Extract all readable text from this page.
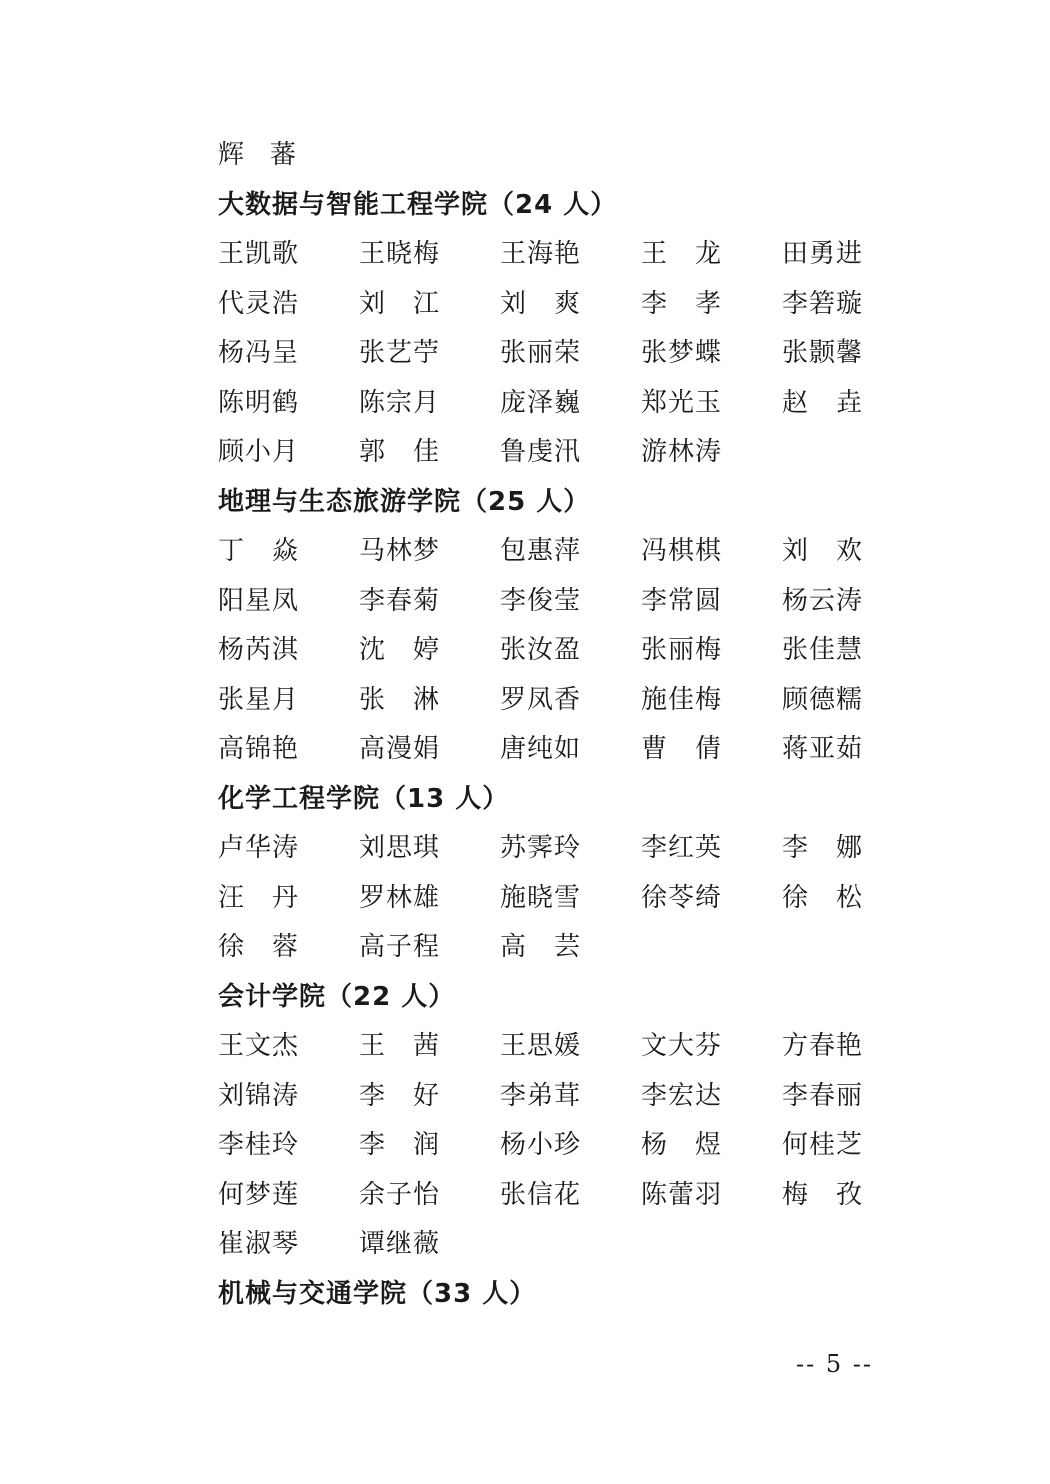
辉　蕃
大数据与智能工程学院（24 人）
王凯歌	王晓梅	王海艳	王　龙	田勇进
代灵浩	刘　江	刘　爽	李　孝	李箬璇
杨冯呈	张艺苧	张丽荣	张梦蝶	张颢馨
陈明鹤	陈宗月	庞泽巍	郑光玉	赵　垚
顾小月	郭　佳	鲁虔汛	游林涛
地理与生态旅游学院（25 人）
丁　焱	马林梦	包惠萍	冯棋棋	刘　欢
阳星凤	李春菊	李俊莹	李常圆	杨云涛
杨芮淇	沈　婷	张汝盈	张丽梅	张佳慧
张星月	张　淋	罗凤香	施佳梅	顾德糯
高锦艳	高漫娟	唐纯如	曹　倩	蒋亚茹
化学工程学院（13 人）
卢华涛	刘思琪	苏霁玲	李红英	李　娜
汪　丹	罗林雄	施晓雪	徐苓绮	徐　松
徐　蓉	高子程	高　芸
会计学院（22 人）
王文杰	王　茜	王思媛	文大芬	方春艳
刘锦涛	李　好	李弟茸	李宏达	李春丽
李桂玲	李　润	杨小珍	杨　煜	何桂芝
何梦莲	余子怡	张信花	陈蕾羽	梅　孜
崔淑琴	谭继薇
机械与交通学院（33 人）
-- 5 --
